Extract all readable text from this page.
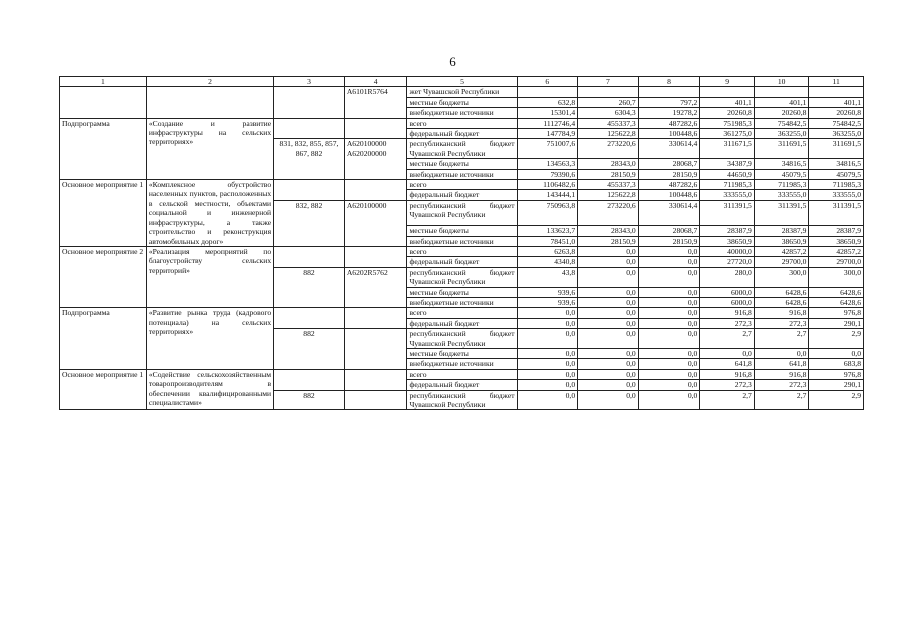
6
1	2	3	4	5	6	7	8	9	10	11
			A6101R5764	жет Чувашской Республики						
				местные бюджеты	632,8	260,7	797,2	401,1	401,1	401,1
				внебюджетные источники	15301,4	6304,3	19278,2	20260,8	20260,8	20260,8
Подпрограмма	«Создание и развитие инфраструктуры на сельских территориях»			всего	1112746,4	455337,3	487282,6	751985,3	754842,5	754842,5
				федеральный бюджет	147784,9	125622,8	100448,6	361275,0	363255,0	363255,0
		831, 832, 855, 857, 867, 882	A620100000 A620200000	республиканский бюджет Чувашской Республики	751007,6	273220,6	330614,4	311671,5	311691,5	311691,5
				местные бюджеты	134563,3	28343,0	28068,7	34387,9	34816,5	34816,5
				внебюджетные источники	79390,6	28150,9	28150,9	44650,9	45079,5	45079,5
Основное мероприятие 1	«Комплексное обустройство населенных пунктов, расположенных в сельской местности, объектами социальной и инженерной инфраструктуры, а также строительство и реконструкция автомобильных дорог»			всего	1106482,6	455337,3	487282,6	711985,3	711985,3	711985,3
				федеральный бюджет	143444,1	125622,8	100448,6	333555,0	333555,0	333555,0
		832, 882	A620100000	республиканский бюджет Чувашской Республики	750963,8	273220,6	330614,4	311391,5	311391,5	311391,5
				местные бюджеты	133623,7	28343,0	28068,7	28387,9	28387,9	28387,9
				внебюджетные источники	78451,0	28150,9	28150,9	38650,9	38650,9	38650,9
Основное мероприятие 2	«Реализация мероприятий по благоустройству сельских территорий»			всего	6263,8	0,0	0,0	40000,0	42857,2	42857,2
				федеральный бюджет	4340,8	0,0	0,0	27720,0	29700,0	29700,0
		882	A6202R5762	республиканский бюджет Чувашской Республики	43,8	0,0	0,0	280,0	300,0	300,0
				местные бюджеты	939,6	0,0	0,0	6000,0	6428,6	6428,6
				внебюджетные источники	939,6	0,0	0,0	6000,0	6428,6	6428,6
Подпрограмма	«Развитие рынка труда (кадрового потенциала) на сельских территориях»			всего	0,0	0,0	0,0	916,8	916,8	976,8
				федеральный бюджет	0,0	0,0	0,0	272,3	272,3	290,1
		882		республиканский бюджет Чувашской Республики	0,0	0,0	0,0	2,7	2,7	2,9
				местные бюджеты	0,0	0,0	0,0	0,0	0,0	0,0
				внебюджетные источники	0,0	0,0	0,0	641,8	641,8	683,8
Основное мероприятие 1	«Содействие сельскохозяйственным товаропроизводителям в обеспечении квалифицированными специалистами»			всего	0,0	0,0	0,0	916,8	916,8	976,8
				федеральный бюджет	0,0	0,0	0,0	272,3	272,3	290,1
		882		республиканский бюджет Чувашской Республики	0,0	0,0	0,0	2,7	2,7	2,9
